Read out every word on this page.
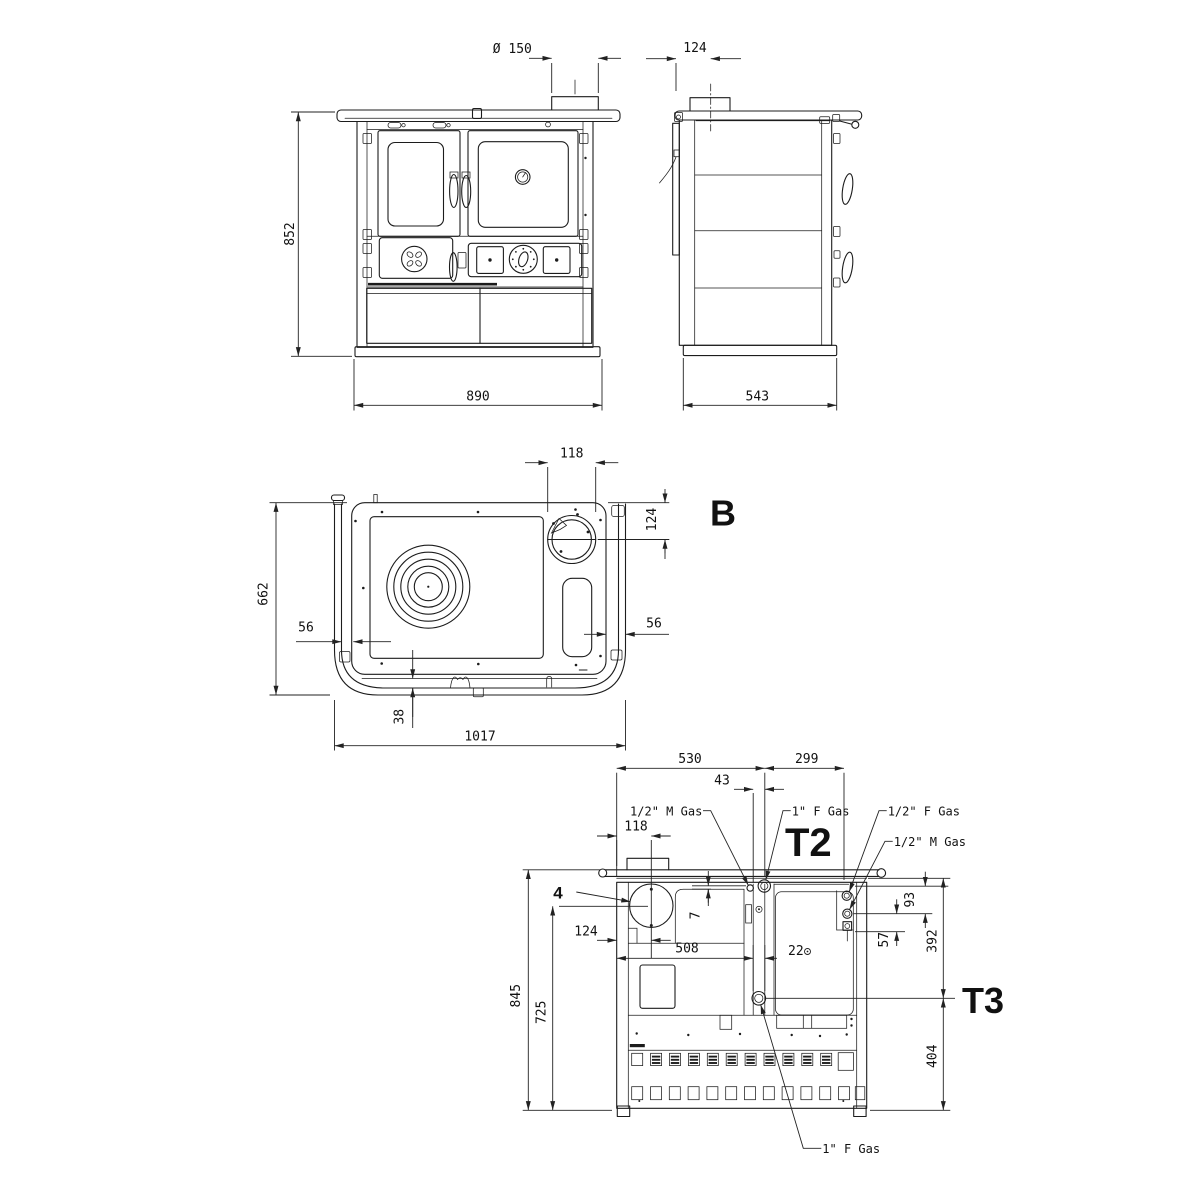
852
890
Ø 150	124
543
662
118
124
56	56
38
1017
B
530	299
43
118
124
508	22
7
845
725
93
57	392
404
1/2" M Gas	1" F Gas	1/2" F Gas
1/2" M Gas
1" F Gas
4
T2
T3
